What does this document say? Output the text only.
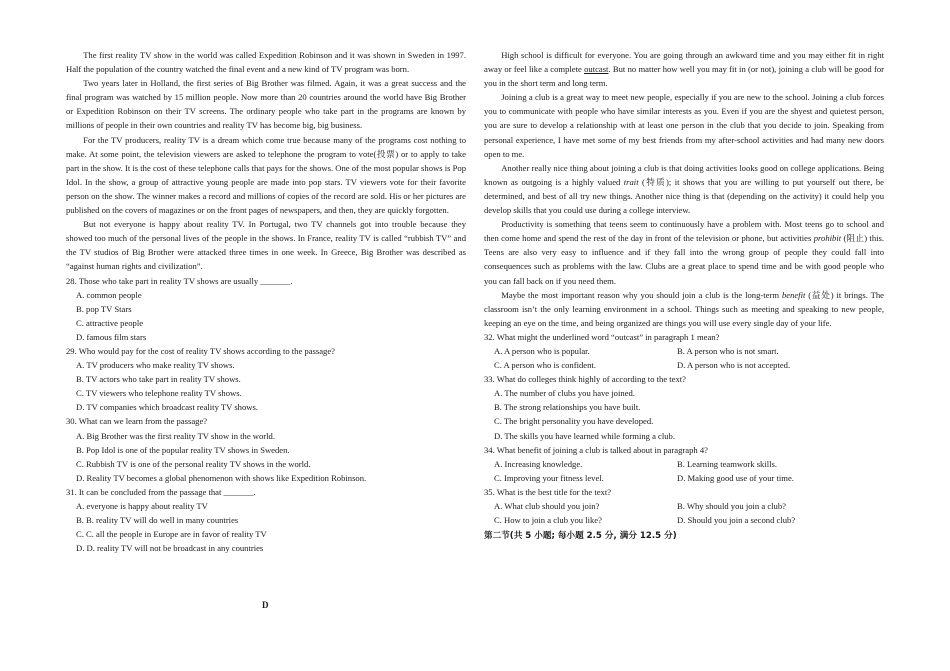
The first reality TV show in the world was called Expedition Robinson and it was shown in Sweden in 1997. Half the population of the country watched the final event and a new kind of TV program was born.

Two years later in Holland, the first series of Big Brother was filmed. Again, it was a great success and the final program was watched by 15 million people. Now more than 20 countries around the world have Big Brother or Expedition Robinson on their TV screens. The ordinary people who take part in the programs are known by millions of people in their own countries and reality TV has become big, big business.

For the TV producers, reality TV is a dream which come true because many of the programs cost nothing to make. At some point, the television viewers are asked to telephone the program to vote(投票) or to apply to take part in the show. It is the cost of these telephone calls that pays for the shows. One of the most popular shows is Pop Idol. In the show, a group of attractive young people are made into pop stars. TV viewers vote for their favorite person on the show. The winner makes a record and millions of copies of the record are sold. His or her pictures are published on the covers of magazines or on the front pages of newspapers, and then, they are quickly forgotten.

But not everyone is happy about reality TV. In Portugal, two TV channels got into trouble because they showed too much of the personal lives of the people in the shows. In France, reality TV is called “rubbish TV” and the TV studios of Big Brother were attacked three times in one week. In Greece, Big Brother was described as “against human rights and civilization”.

28. Those who take part in reality TV shows are usually _______.

A. common people

B. pop TV Stars

C. attractive people

D. famous film stars

29. Who would pay for the cost of reality TV shows according to the passage?

A. TV producers who make reality TV shows.

B. TV actors who take part in reality TV shows.

C. TV viewers who telephone reality TV shows.

D. TV companies which broadcast reality TV shows.

30. What can we learn from the passage?

A. Big Brother was the first reality TV show in the world.

B. Pop Idol is one of the popular reality TV shows in Sweden.

C. Rubbish TV is one of the personal reality TV shows in the world.

D. Reality TV becomes a global phenomenon with shows like Expedition Robinson.

31. It can be concluded from the passage that _______.

A. everyone is happy about reality TV

B. B. reality TV will do well in many countries

C. C. all the people in Europe are in favor of reality TV

D. D. reality TV will not be broadcast in any countries

D

High school is difficult for everyone. You are going through an awkward time and you may either fit in right away or feel like a complete outcast. But no matter how well you may fit in (or not), joining a club will be good for you in the short term and long term.

Joining a club is a great way to meet new people, especially if you are new to the school. Joining a club forces you to communicate with people who have similar interests as you. Even if you are the shyest and quietest person, you are sure to develop a relationship with at least one person in the club that you decide to join. Speaking from personal experience, I have met some of my best friends from my after-school activities and had many new doors open to me.

Another really nice thing about joining a club is that doing activities looks good on college applications. Being known as outgoing is a highly valued trait (特质); it shows that you are willing to put yourself out there, be determined, and best of all try new things. Another nice thing is that (depending on the activity) it could help you develop skills that you could use during a college interview.

Productivity is something that teens seem to continuously have a problem with. Most teens go to school and then come home and spend the rest of the day in front of the television or phone, but activities prohibit (阻止) this. Teens are also very easy to influence and if they fall into the wrong group of people they could fall into consequences such as problems with the law. Clubs are a great place to spend time and be with good people who you can fall back on if you need them.

Maybe the most important reason why you should join a club is the long-term benefit (益处) it brings. The classroom isn’t the only learning environment in a school. Things such as meeting and speaking to new people, keeping an eye on the time, and being organized are things you will use every single day of your life.

32. What might the underlined word “outcast” in paragraph 1 mean?

A. A person who is popular.	B. A person who is not smart.
C. A person who is confident.	D. A person who is not accepted.

33. What do colleges think highly of according to the text?

A. The number of clubs you have joined.

B. The strong relationships you have built.

C. The bright personality you have developed.

D. The skills you have learned while forming a club.

34. What benefit of joining a club is talked about in paragraph 4?

A. Increasing knowledge.	B. Learning teamwork skills.
C. Improving your fitness level.	D. Making good use of your time.

35. What is the best title for the text?

A. What club should you join?	B. Why should you join a club?
C. How to join a club you like?	D. Should you join a second club?

第二节(共 5 小题; 每小题 2.5 分, 满分 12.5 分)
